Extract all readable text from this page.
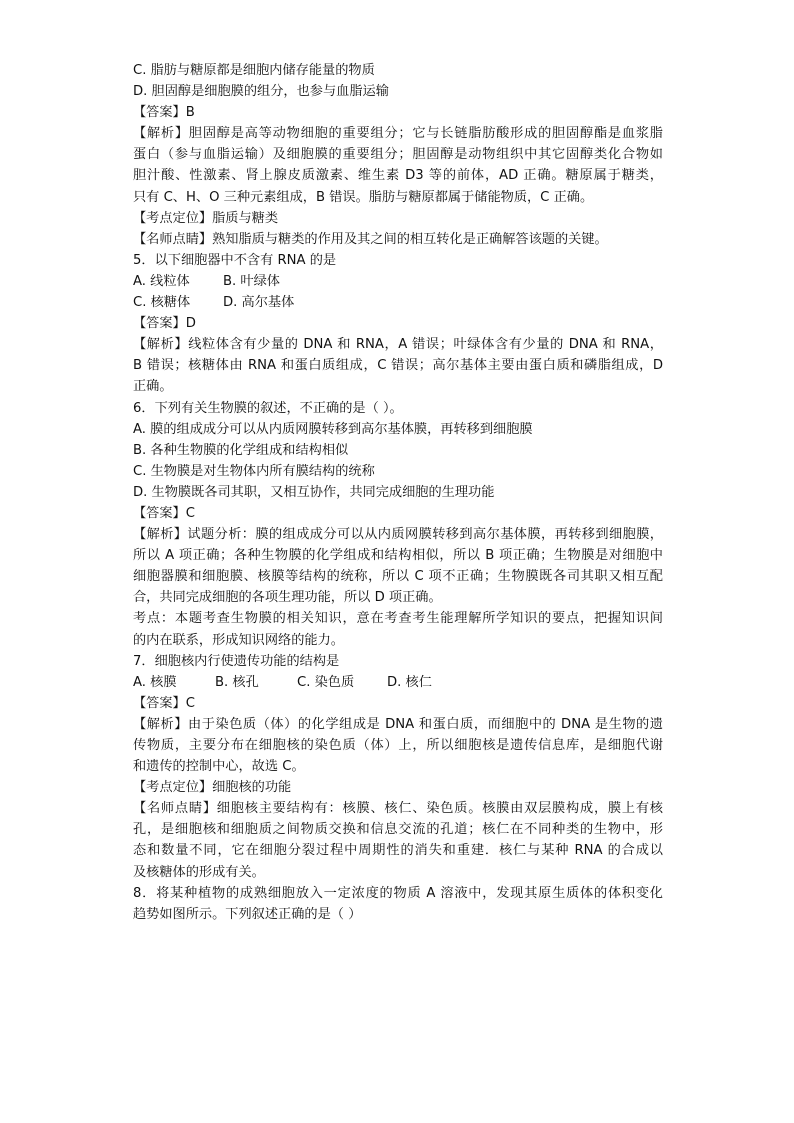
C. 脂肪与糖原都是细胞内储存能量的物质
D. 胆固醇是细胞膜的组分，也参与血脂运输
【答案】B
【解析】胆固醇是高等动物细胞的重要组分；它与长链脂肪酸形成的胆固醇酯是血浆脂
蛋白（参与血脂运输）及细胞膜的重要组分；胆固醇是动物组织中其它固醇类化合物如
胆汁酸、性激素、肾上腺皮质激素、维生素 D3 等的前体，AD 正确。糖原属于糖类，
只有 C、H、O 三种元素组成，B 错误。脂肪与糖原都属于储能物质，C 正确。
【考点定位】脂质与糖类
【名师点睛】熟知脂质与糖类的作用及其之间的相互转化是正确解答该题的关键。
5．以下细胞器中不含有 RNA 的是
A. 线粒体	B. 叶绿体
C. 核糖体	D. 高尔基体
【答案】D
【解析】线粒体含有少量的 DNA 和 RNA，A 错误；叶绿体含有少量的 DNA 和 RNA，
B 错误；核糖体由 RNA 和蛋白质组成，C 错误；高尔基体主要由蛋白质和磷脂组成，D
正确。
6．下列有关生物膜的叙述，不正确的是（ ）。
A. 膜的组成成分可以从内质网膜转移到高尔基体膜，再转移到细胞膜
B. 各种生物膜的化学组成和结构相似
C. 生物膜是对生物体内所有膜结构的统称
D. 生物膜既各司其职，又相互协作，共同完成细胞的生理功能
【答案】C
【解析】试题分析：膜的组成成分可以从内质网膜转移到高尔基体膜，再转移到细胞膜，
所以 A 项正确；各种生物膜的化学组成和结构相似，所以 B 项正确；生物膜是对细胞中
细胞器膜和细胞膜、核膜等结构的统称，所以 C 项不正确；生物膜既各司其职又相互配
合，共同完成细胞的各项生理功能，所以 D 项正确。
考点：本题考查生物膜的相关知识，意在考查考生能理解所学知识的要点，把握知识间
的内在联系，形成知识网络的能力。
7．细胞核内行使遗传功能的结构是
A. 核膜	B. 核孔	C. 染色质	D. 核仁
【答案】C
【解析】由于染色质（体）的化学组成是 DNA 和蛋白质，而细胞中的 DNA 是生物的遗
传物质，主要分布在细胞核的染色质（体）上，所以细胞核是遗传信息库，是细胞代谢
和遗传的控制中心，故选 C。
【考点定位】细胞核的功能
【名师点睛】细胞核主要结构有：核膜、核仁、染色质。核膜由双层膜构成，膜上有核
孔，是细胞核和细胞质之间物质交换和信息交流的孔道；核仁在不同种类的生物中，形
态和数量不同，它在细胞分裂过程中周期性的消失和重建．核仁与某种 RNA 的合成以
及核糖体的形成有关。
8．将某种植物的成熟细胞放入一定浓度的物质 A 溶液中，发现其原生质体的体积变化
趋势如图所示。下列叙述正确的是（ ）
